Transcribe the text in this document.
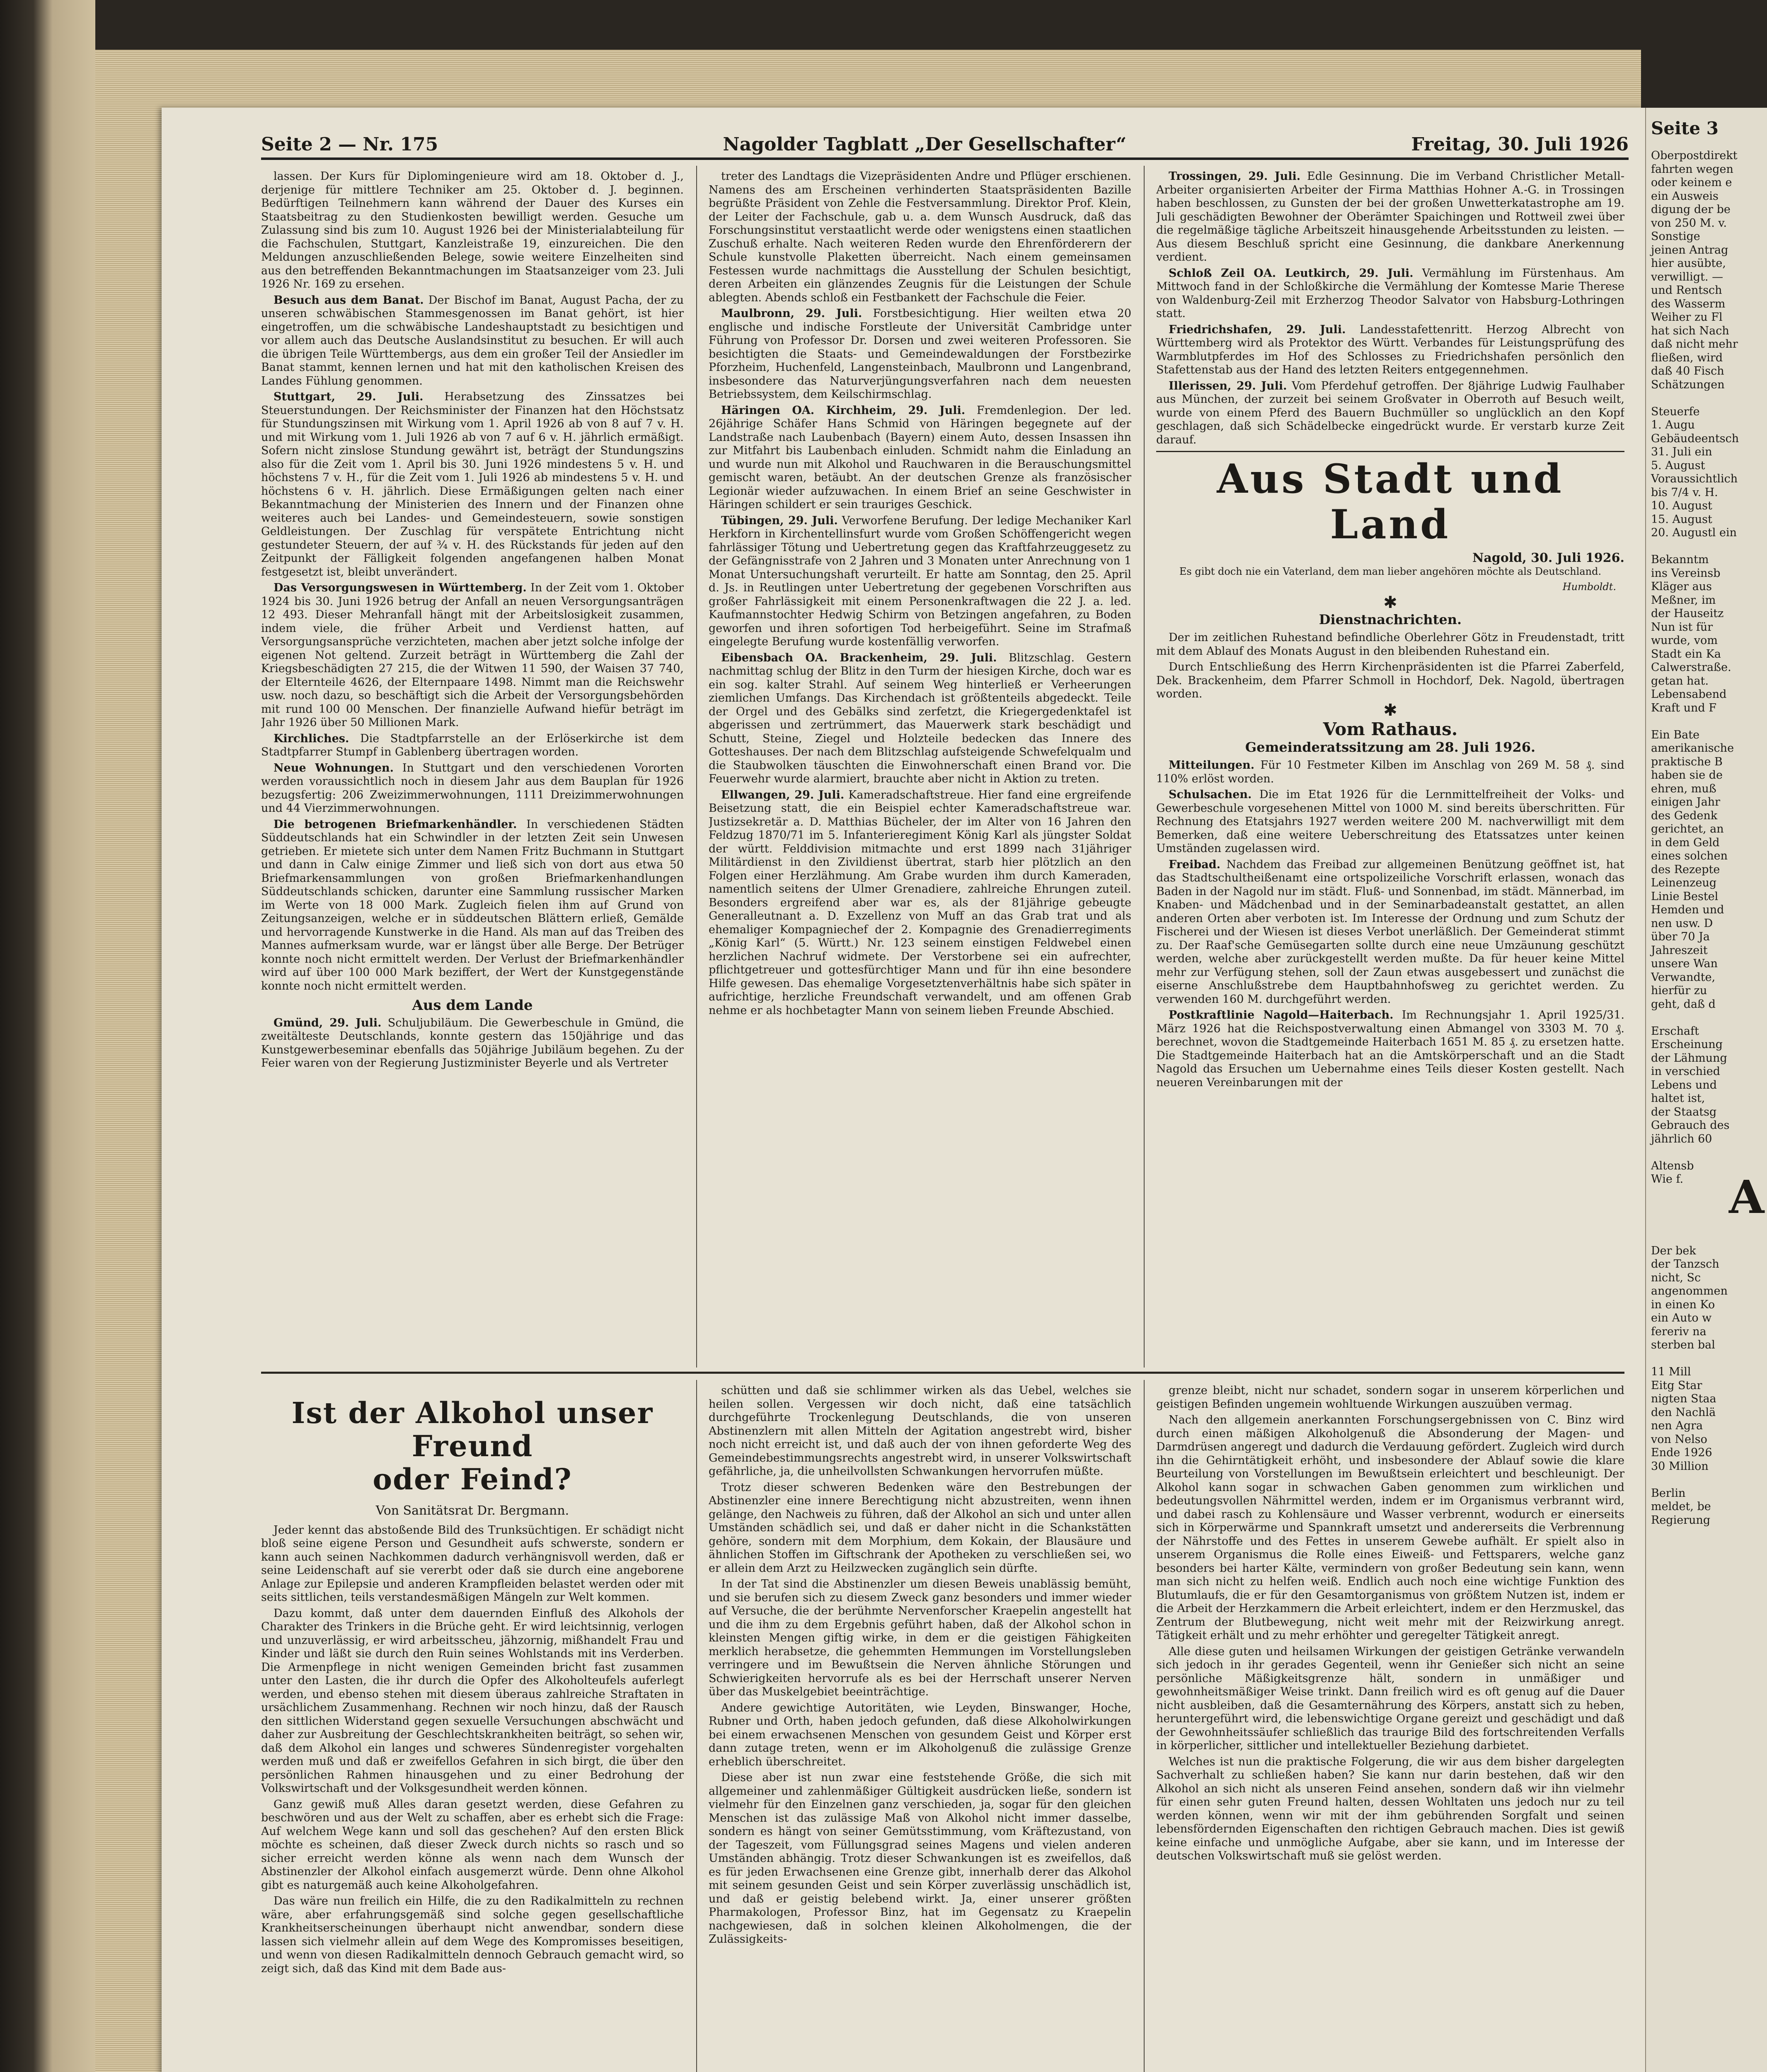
Seite 2 — Nr. 175	Nagolder Tagblatt „Der Gesellschafter“	Freitag, 30. Juli 1926

lassen. Der Kurs für Diplomingenieure wird am 18. Oktober d. J., derjenige für mittlere Techniker am 25. Oktober d. J. beginnen. Bedürftigen Teilnehmern kann während der Dauer des Kurses ein Staatsbeitrag zu den Studienkosten bewilligt werden. Gesuche um Zulassung sind bis zum 10. August 1926 bei der Ministerialabteilung für die Fachschulen, Stuttgart, Kanzleistraße 19, einzureichen. Die den Meldungen anzuschließenden Belege, sowie weitere Einzelheiten sind aus den betreffenden Bekanntmachungen im Staatsanzeiger vom 23. Juli 1926 Nr. 169 zu ersehen.

Besuch aus dem Banat. Der Bischof im Banat, August Pacha, der zu unseren schwäbischen Stammesgenossen im Banat gehört, ist hier eingetroffen, um die schwäbische Landeshauptstadt zu besichtigen und vor allem auch das Deutsche Auslandsinstitut zu besuchen. Er will auch die übrigen Teile Württembergs, aus dem ein großer Teil der Ansiedler im Banat stammt, kennen lernen und hat mit den katholischen Kreisen des Landes Fühlung genommen.

Stuttgart, 29. Juli. Herabsetzung des Zinssatzes bei Steuerstundungen. Der Reichsminister der Finanzen hat den Höchstsatz für Stundungszinsen mit Wirkung vom 1. April 1926 ab von 8 auf 7 v. H. und mit Wirkung vom 1. Juli 1926 ab von 7 auf 6 v. H. jährlich ermäßigt. Sofern nicht zinslose Stundung gewährt ist, beträgt der Stundungszins also für die Zeit vom 1. April bis 30. Juni 1926 mindestens 5 v. H. und höchstens 7 v. H., für die Zeit vom 1. Juli 1926 ab mindestens 5 v. H. und höchstens 6 v. H. jährlich. Diese Ermäßigungen gelten nach einer Bekanntmachung der Ministerien des Innern und der Finanzen ohne weiteres auch bei Landes- und Gemeindesteuern, sowie sonstigen Geldleistungen. Der Zuschlag für verspätete Entrichtung nicht gestundeter Steuern, der auf ¾ v. H. des Rückstands für jeden auf den Zeitpunkt der Fälligkeit folgenden angefangenen halben Monat festgesetzt ist, bleibt unverändert.

Das Versorgungswesen in Württemberg. In der Zeit vom 1. Oktober 1924 bis 30. Juni 1926 betrug der Anfall an neuen Versorgungsanträgen 12 493. Dieser Mehranfall hängt mit der Arbeitslosigkeit zusammen, indem viele, die früher Arbeit und Verdienst hatten, auf Versorgungsansprüche verzichteten, machen aber jetzt solche infolge der eigenen Not geltend. Zurzeit beträgt in Württemberg die Zahl der Kriegsbeschädigten 27 215, die der Witwen 11 590, der Waisen 37 740, der Elternteile 4626, der Elternpaare 1498. Nimmt man die Reichswehr usw. noch dazu, so beschäftigt sich die Arbeit der Versorgungsbehörden mit rund 100 00 Menschen. Der finanzielle Aufwand hiefür beträgt im Jahr 1926 über 50 Millionen Mark.

Kirchliches. Die Stadtpfarrstelle an der Erlöserkirche ist dem Stadtpfarrer Stumpf in Gablenberg übertragen worden.

Neue Wohnungen. In Stuttgart und den verschiedenen Vororten werden voraussichtlich noch in diesem Jahr aus dem Bauplan für 1926 bezugsfertig: 206 Zweizimmerwohnungen, 1111 Dreizimmerwohnungen und 44 Vierzimmerwohnungen.

Die betrogenen Briefmarkenhändler. In verschiedenen Städten Süddeutschlands hat ein Schwindler in der letzten Zeit sein Unwesen getrieben. Er mietete sich unter dem Namen Fritz Buchmann in Stuttgart und dann in Calw einige Zimmer und ließ sich von dort aus etwa 50 Briefmarkensammlungen von großen Briefmarkenhandlungen Süddeutschlands schicken, darunter eine Sammlung russischer Marken im Werte von 18 000 Mark. Zugleich fielen ihm auf Grund von Zeitungsanzeigen, welche er in süddeutschen Blättern erließ, Gemälde und hervorragende Kunstwerke in die Hand. Als man auf das Treiben des Mannes aufmerksam wurde, war er längst über alle Berge. Der Betrüger konnte noch nicht ermittelt werden. Der Verlust der Briefmarkenhändler wird auf über 100 000 Mark beziffert, der Wert der Kunstgegenstände konnte noch nicht ermittelt werden.

Aus dem Lande

Gmünd, 29. Juli. Schuljubiläum. Die Gewerbeschule in Gmünd, die zweitälteste Deutschlands, konnte gestern das 150jährige und das Kunstgewerbeseminar ebenfalls das 50jährige Jubiläum begehen. Zu der Feier waren von der Regierung Justizminister Beyerle und als Vertreter

treter des Landtags die Vizepräsidenten Andre und Pflüger erschienen. Namens des am Erscheinen verhinderten Staatspräsidenten Bazille begrüßte Präsident von Zehle die Festversammlung. Direktor Prof. Klein, der Leiter der Fachschule, gab u. a. dem Wunsch Ausdruck, daß das Forschungsinstitut verstaatlicht werde oder wenigstens einen staatlichen Zuschuß erhalte. Nach weiteren Reden wurde den Ehrenförderern der Schule kunstvolle Plaketten überreicht. Nach einem gemeinsamen Festessen wurde nachmittags die Ausstellung der Schulen besichtigt, deren Arbeiten ein glänzendes Zeugnis für die Leistungen der Schule ablegten. Abends schloß ein Festbankett der Fachschule die Feier.

Maulbronn, 29. Juli. Forstbesichtigung. Hier weilten etwa 20 englische und indische Forstleute der Universität Cambridge unter Führung von Professor Dr. Dorsen und zwei weiteren Professoren. Sie besichtigten die Staats- und Gemeindewaldungen der Forstbezirke Pforzheim, Huchenfeld, Langensteinbach, Maulbronn und Langenbrand, insbesondere das Naturverjüngungsverfahren nach dem neuesten Betriebssystem, dem Keilschirmschlag.

Häringen OA. Kirchheim, 29. Juli. Fremdenlegion. Der led. 26jährige Schäfer Hans Schmid von Häringen begegnete auf der Landstraße nach Laubenbach (Bayern) einem Auto, dessen Insassen ihn zur Mitfahrt bis Laubenbach einluden. Schmidt nahm die Einladung an und wurde nun mit Alkohol und Rauchwaren in die Berauschungsmittel gemischt waren, betäubt. An der deutschen Grenze als französischer Legionär wieder aufzuwachen. In einem Brief an seine Geschwister in Häringen schildert er sein trauriges Geschick.

Tübingen, 29. Juli. Verworfene Berufung. Der ledige Mechaniker Karl Herkforn in Kirchentellinsfurt wurde vom Großen Schöffengericht wegen fahrlässiger Tötung und Uebertretung gegen das Kraftfahrzeuggesetz zu der Gefängnisstrafe von 2 Jahren und 3 Monaten unter Anrechnung von 1 Monat Untersuchungshaft verurteilt. Er hatte am Sonntag, den 25. April d. Js. in Reutlingen unter Uebertretung der gegebenen Vorschriften aus großer Fahrlässigkeit mit einem Personenkraftwagen die 22 J. a. led. Kaufmannstochter Hedwig Schirm von Betzingen angefahren, zu Boden geworfen und ihren sofortigen Tod herbeigeführt. Seine im Strafmaß eingelegte Berufung wurde kostenfällig verworfen.

Eibensbach OA. Brackenheim, 29. Juli. Blitzschlag. Gestern nachmittag schlug der Blitz in den Turm der hiesigen Kirche, doch war es ein sog. kalter Strahl. Auf seinem Weg hinterließ er Verheerungen ziemlichen Umfangs. Das Kirchendach ist größtenteils abgedeckt. Teile der Orgel und des Gebälks sind zerfetzt, die Kriegergedenktafel ist abgerissen und zertrümmert, das Mauerwerk stark beschädigt und Schutt, Steine, Ziegel und Holzteile bedecken das Innere des Gotteshauses. Der nach dem Blitzschlag aufsteigende Schwefelqualm und die Staubwolken täuschten die Einwohnerschaft einen Brand vor. Die Feuerwehr wurde alarmiert, brauchte aber nicht in Aktion zu treten.

Ellwangen, 29. Juli. Kameradschaftstreue. Hier fand eine ergreifende Beisetzung statt, die ein Beispiel echter Kameradschaftstreue war. Justizsekretär a. D. Matthias Bücheler, der im Alter von 16 Jahren den Feldzug 1870/71 im 5. Infanterieregiment König Karl als jüngster Soldat der württ. Felddivision mitmachte und erst 1899 nach 31jähriger Militärdienst in den Zivildienst übertrat, starb hier plötzlich an den Folgen einer Herzlähmung. Am Grabe wurden ihm durch Kameraden, namentlich seitens der Ulmer Grenadiere, zahlreiche Ehrungen zuteil. Besonders ergreifend aber war es, als der 81jährige gebeugte Generalleutnant a. D. Exzellenz von Muff an das Grab trat und als ehemaliger Kompagniechef der 2. Kompagnie des Grenadierregiments „König Karl“ (5. Württ.) Nr. 123 seinem einstigen Feldwebel einen herzlichen Nachruf widmete. Der Verstorbene sei ein aufrechter, pflichtgetreuer und gottesfürchtiger Mann und für ihn eine besondere Hilfe gewesen. Das ehemalige Vorgesetztenverhältnis habe sich später in aufrichtige, herzliche Freundschaft verwandelt, und am offenen Grab nehme er als hochbetagter Mann von seinem lieben Freunde Abschied.

Trossingen, 29. Juli. Edle Gesinnung. Die im Verband Christlicher Metall-Arbeiter organisierten Arbeiter der Firma Matthias Hohner A.-G. in Trossingen haben beschlossen, zu Gunsten der bei der großen Unwetterkatastrophe am 19. Juli geschädigten Bewohner der Oberämter Spaichingen und Rottweil zwei über die regelmäßige tägliche Arbeitszeit hinausgehende Arbeitsstunden zu leisten. — Aus diesem Beschluß spricht eine Gesinnung, die dankbare Anerkennung verdient.

Schloß Zeil OA. Leutkirch, 29. Juli. Vermählung im Fürstenhaus. Am Mittwoch fand in der Schloßkirche die Vermählung der Komtesse Marie Therese von Waldenburg-Zeil mit Erzherzog Theodor Salvator von Habsburg-Lothringen statt.

Friedrichshafen, 29. Juli. Landesstafettenritt. Herzog Albrecht von Württemberg wird als Protektor des Württ. Verbandes für Leistungsprüfung des Warmblutpferdes im Hof des Schlosses zu Friedrichshafen persönlich den Stafettenstab aus der Hand des letzten Reiters entgegennehmen.

Illerissen, 29. Juli. Vom Pferdehuf getroffen. Der 8jährige Ludwig Faulhaber aus München, der zurzeit bei seinem Großvater in Oberroth auf Besuch weilt, wurde von einem Pferd des Bauern Buchmüller so unglücklich an den Kopf geschlagen, daß sich Schädelbecke eingedrückt wurde. Er verstarb kurze Zeit darauf.

Aus Stadt und Land
Nagold, 30. Juli 1926.
Es gibt doch nie ein Vaterland, dem man lieber angehören möchte als Deutschland.
Humboldt.
✱
Dienstnachrichten.

Der im zeitlichen Ruhestand befindliche Oberlehrer Götz in Freudenstadt, tritt mit dem Ablauf des Monats August in den bleibenden Ruhestand ein.

Durch Entschließung des Herrn Kirchenpräsidenten ist die Pfarrei Zaberfeld, Dek. Brackenheim, dem Pfarrer Schmoll in Hochdorf, Dek. Nagold, übertragen worden.

✱
Vom Rathaus.
Gemeinderatssitzung am 28. Juli 1926.

Mitteilungen. Für 10 Festmeter Kilben im Anschlag von 269 M. 58 ₰. sind 110% erlöst worden.

Schulsachen. Die im Etat 1926 für die Lernmittelfreiheit der Volks- und Gewerbeschule vorgesehenen Mittel von 1000 M. sind bereits überschritten. Für Rechnung des Etatsjahrs 1927 werden weitere 200 M. nachverwilligt mit dem Bemerken, daß eine weitere Ueberschreitung des Etatssatzes unter keinen Umständen zugelassen wird.

Freibad. Nachdem das Freibad zur allgemeinen Benützung geöffnet ist, hat das Stadtschultheißenamt eine ortspolizeiliche Vorschrift erlassen, wonach das Baden in der Nagold nur im städt. Fluß- und Sonnenbad, im städt. Männerbad, im Knaben- und Mädchenbad und in der Seminarbadeanstalt gestattet, an allen anderen Orten aber verboten ist. Im Interesse der Ordnung und zum Schutz der Fischerei und der Wiesen ist dieses Verbot unerläßlich. Der Gemeinderat stimmt zu. Der Raaf'sche Gemüsegarten sollte durch eine neue Umzäunung geschützt werden, welche aber zurückgestellt werden mußte. Da für heuer keine Mittel mehr zur Verfügung stehen, soll der Zaun etwas ausgebessert und zunächst die eiserne Anschlußstrebe dem Hauptbahnhofsweg zu gerichtet werden. Zu verwenden 160 M. durchgeführt werden.

Postkraftlinie Nagold—Haiterbach. Im Rechnungsjahr 1. April 1925/31. März 1926 hat die Reichspostverwaltung einen Abmangel von 3303 M. 70 ₰. berechnet, wovon die Stadtgemeinde Haiterbach 1651 M. 85 ₰. zu ersetzen hatte. Die Stadtgemeinde Haiterbach hat an die Amtskörperschaft und an die Stadt Nagold das Ersuchen um Uebernahme eines Teils dieser Kosten gestellt. Nach neueren Vereinbarungen mit der

Ist der Alkohol unser Freund
oder Feind?
Von Sanitätsrat Dr. Bergmann.

Jeder kennt das abstoßende Bild des Trunksüchtigen. Er schädigt nicht bloß seine eigene Person und Gesundheit aufs schwerste, sondern er kann auch seinen Nachkommen dadurch verhängnisvoll werden, daß er seine Leidenschaft auf sie vererbt oder daß sie durch eine angeborene Anlage zur Epilepsie und anderen Krampfleiden belastet werden oder mit seits sittlichen, teils verstandesmäßigen Mängeln zur Welt kommen.

Dazu kommt, daß unter dem dauernden Einfluß des Alkohols der Charakter des Trinkers in die Brüche geht. Er wird leichtsinnig, verlogen und unzuverlässig, er wird arbeitsscheu, jähzornig, mißhandelt Frau und Kinder und läßt sie durch den Ruin seines Wohlstands mit ins Verderben. Die Armenpflege in nicht wenigen Gemeinden bricht fast zusammen unter den Lasten, die ihr durch die Opfer des Alkoholteufels auferlegt werden, und ebenso stehen mit diesem überaus zahlreiche Straftaten in ursächlichem Zusammenhang. Rechnen wir noch hinzu, daß der Rausch den sittlichen Widerstand gegen sexuelle Versuchungen abschwächt und daher zur Ausbreitung der Geschlechtskrankheiten beiträgt, so sehen wir, daß dem Alkohol ein langes und schweres Sündenregister vorgehalten werden muß und daß er zweifellos Gefahren in sich birgt, die über den persönlichen Rahmen hinausgehen und zu einer Bedrohung der Volkswirtschaft und der Volksgesundheit werden können.

Ganz gewiß muß Alles daran gesetzt werden, diese Gefahren zu beschwören und aus der Welt zu schaffen, aber es erhebt sich die Frage: Auf welchem Wege kann und soll das geschehen? Auf den ersten Blick möchte es scheinen, daß dieser Zweck durch nichts so rasch und so sicher erreicht werden könne als wenn nach dem Wunsch der Abstinenzler der Alkohol einfach ausgemerzt würde. Denn ohne Alkohol gibt es naturgemäß auch keine Alkoholgefahren.

Das wäre nun freilich ein Hilfe, die zu den Radikalmitteln zu rechnen wäre, aber erfahrungsgemäß sind solche gegen gesellschaftliche Krankheitserscheinungen überhaupt nicht anwendbar, sondern diese lassen sich vielmehr allein auf dem Wege des Kompromisses beseitigen, und wenn von diesen Radikalmitteln dennoch Gebrauch gemacht wird, so zeigt sich, daß das Kind mit dem Bade aus-

schütten und daß sie schlimmer wirken als das Uebel, welches sie heilen sollen. Vergessen wir doch nicht, daß eine tatsächlich durchgeführte Trockenlegung Deutschlands, die von unseren Abstinenzlern mit allen Mitteln der Agitation angestrebt wird, bisher noch nicht erreicht ist, und daß auch der von ihnen geforderte Weg des Gemeindebestimmungsrechts angestrebt wird, in unserer Volkswirtschaft gefährliche, ja, die unheilvollsten Schwankungen hervorrufen müßte.

Trotz dieser schweren Bedenken wäre den Bestrebungen der Abstinenzler eine innere Berechtigung nicht abzustreiten, wenn ihnen gelänge, den Nachweis zu führen, daß der Alkohol an sich und unter allen Umständen schädlich sei, und daß er daher nicht in die Schankstätten gehöre, sondern mit dem Morphium, dem Kokain, der Blausäure und ähnlichen Stoffen im Giftschrank der Apotheken zu verschließen sei, wo er allein dem Arzt zu Heilzwecken zugänglich sein dürfte.

In der Tat sind die Abstinenzler um diesen Beweis unablässig bemüht, und sie berufen sich zu diesem Zweck ganz besonders und immer wieder auf Versuche, die der berühmte Nervenforscher Kraepelin angestellt hat und die ihm zu dem Ergebnis geführt haben, daß der Alkohol schon in kleinsten Mengen giftig wirke, in dem er die geistigen Fähigkeiten merklich herabsetze, die gehemmten Hemmungen im Vorstellungsleben verringere und im Bewußtsein die Nerven ähnliche Störungen und Schwierigkeiten hervorrufe als es bei der Herrschaft unserer Nerven über das Muskelgebiet beeinträchtige.

Andere gewichtige Autoritäten, wie Leyden, Binswanger, Hoche, Rubner und Orth, haben jedoch gefunden, daß diese Alkoholwirkungen bei einem erwachsenen Menschen von gesundem Geist und Körper erst dann zutage treten, wenn er im Alkoholgenuß die zulässige Grenze erheblich überschreitet.

Diese aber ist nun zwar eine feststehende Größe, die sich mit allgemeiner und zahlenmäßiger Gültigkeit ausdrücken ließe, sondern ist vielmehr für den Einzelnen ganz verschieden, ja, sogar für den gleichen Menschen ist das zulässige Maß von Alkohol nicht immer dasselbe, sondern es hängt von seiner Gemütsstimmung, vom Kräftezustand, von der Tageszeit, vom Füllungsgrad seines Magens und vielen anderen Umständen abhängig. Trotz dieser Schwankungen ist es zweifellos, daß es für jeden Erwachsenen eine Grenze gibt, innerhalb derer das Alkohol mit seinem gesunden Geist und sein Körper zuverlässig unschädlich ist, und daß er geistig belebend wirkt. Ja, einer unserer größten Pharmakologen, Professor Binz, hat im Gegensatz zu Kraepelin nachgewiesen, daß in solchen kleinen Alkoholmengen, die der Zulässigkeits-

grenze bleibt, nicht nur schadet, sondern sogar in unserem körperlichen und geistigen Befinden ungemein wohltuende Wirkungen auszuüben vermag.

Nach den allgemein anerkannten Forschungsergebnissen von C. Binz wird durch einen mäßigen Alkoholgenuß die Absonderung der Magen- und Darmdrüsen angeregt und dadurch die Verdauung gefördert. Zugleich wird durch ihn die Gehirntätigkeit erhöht, und insbesondere der Ablauf sowie die klare Beurteilung von Vorstellungen im Bewußtsein erleichtert und beschleunigt. Der Alkohol kann sogar in schwachen Gaben genommen zum wirklichen und bedeutungsvollen Nährmittel werden, indem er im Organismus verbrannt wird, und dabei rasch zu Kohlensäure und Wasser verbrennt, wodurch er einerseits sich in Körperwärme und Spannkraft umsetzt und andererseits die Verbrennung der Nährstoffe und des Fettes in unserem Gewebe aufhält. Er spielt also in unserem Organismus die Rolle eines Eiweiß- und Fettsparers, welche ganz besonders bei harter Kälte, vermindern von großer Bedeutung sein kann, wenn man sich nicht zu helfen weiß. Endlich auch noch eine wichtige Funktion des Blutumlaufs, die er für den Gesamtorganismus von größtem Nutzen ist, indem er die Arbeit der Herzkammern die Arbeit erleichtert, indem er den Herzmuskel, das Zentrum der Blutbewegung, nicht weit mehr mit der Reizwirkung anregt. Tätigkeit erhält und zu mehr erhöhter und geregelter Tätigkeit anregt.

Alle diese guten und heilsamen Wirkungen der geistigen Getränke verwandeln sich jedoch in ihr gerades Gegenteil, wenn ihr Genießer sich nicht an seine persönliche Mäßigkeitsgrenze hält, sondern in unmäßiger und gewohnheitsmäßiger Weise trinkt. Dann freilich wird es oft genug auf die Dauer nicht ausbleiben, daß die Gesamternährung des Körpers, anstatt sich zu heben, heruntergeführt wird, die lebenswichtige Organe gereizt und geschädigt und daß der Gewohnheitssäufer schließlich das traurige Bild des fortschreitenden Verfalls in körperlicher, sittlicher und intellektueller Beziehung darbietet.

Welches ist nun die praktische Folgerung, die wir aus dem bisher dargelegten Sachverhalt zu schließen haben? Sie kann nur darin bestehen, daß wir den Alkohol an sich nicht als unseren Feind ansehen, sondern daß wir ihn vielmehr für einen sehr guten Freund halten, dessen Wohltaten uns jedoch nur zu teil werden können, wenn wir mit der ihm gebührenden Sorgfalt und seinen lebensfördernden Eigenschaften den richtigen Gebrauch machen. Dies ist gewiß keine einfache und unmögliche Aufgabe, aber sie kann, und im Interesse der deutschen Volkswirtschaft muß sie gelöst werden.

Seite 3
Oberpostdirekt
fahrten wegen
oder keinem e
ein Ausweis
digung der be
von 250 M. v.
Sonstige
jeinen Antrag
hier ausübte,
verwilligt. —
und Rentsch
des Wasserm
Weiher zu Fl
hat sich Nach
daß nicht mehr
fließen, wird
daß 40 Fisch
Schätzungen
Steuerfe
1. Augu
Gebäudeentsch
31. Juli ein
5. August
Voraussichtlich
bis 7/4 v. H.
10. August
15. August
20. Augustl ein
Bekanntm
ins Vereinsb
Kläger aus
Meßner, im
der Hauseitz
Nun ist für
wurde, vom
Stadt ein Ka
Calwerstraße.
getan hat.
Lebensabend
Kraft und F
Ein Bate
amerikanische
praktische B
haben sie de
ehren, muß
einigen Jahr
des Gedenk
gerichtet, an
in dem Geld
eines solchen
des Rezepte
Leinenzeug
Linie Bestel
Hemden und
nen usw. D
über 70 Ja
Jahreszeit
unsere Wan
Verwandte,
hierfür zu
geht, daß d
Erschaft
Erscheinung
der Lähmung
in verschied
Lebens und
haltet ist,
der Staatsg
Gebrauch des
jährlich 60
Altensb
Wie f. A
Der bek
der Tanzsch
nicht, Sc
angenommen
in einen Ko
ein Auto w
fereriv na
sterben bal
11 Mill
Eitg Star
nigten Staa
den Nachlä
nen Agra
von Nelso
Ende 1926
30 Million
Berlin
meldet, be
Regierung
